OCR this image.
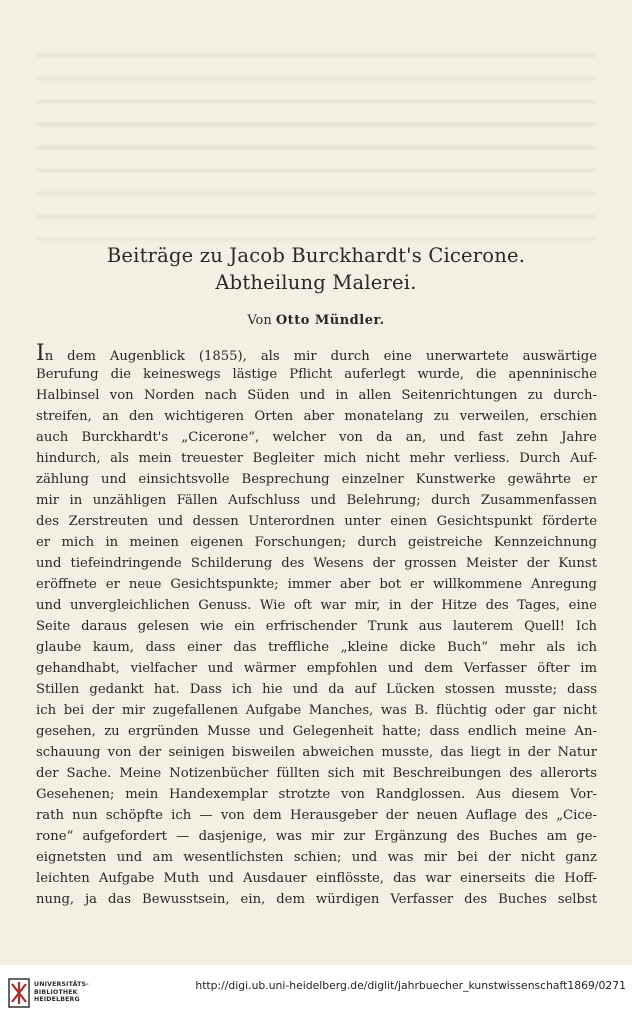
Beiträge zu Jacob Burckhardt's Cicerone.
Abtheilung Malerei.
Von Otto Mündler.
In dem Augenblick (1855), als mir durch eine unerwartete auswärtige
Berufung die keineswegs lästige Pflicht auferlegt wurde, die apenninische
Halbinsel von Norden nach Süden und in allen Seitenrichtungen zu durch-
streifen, an den wichtigeren Orten aber monatelang zu verweilen, erschien
auch Burckhardt's „Cicerone“, welcher von da an, und fast zehn Jahre
hindurch, als mein treuester Begleiter mich nicht mehr verliess. Durch Auf-
zählung und einsichtsvolle Besprechung einzelner Kunstwerke gewährte er
mir in unzähligen Fällen Aufschluss und Belehrung; durch Zusammenfassen
des Zerstreuten und dessen Unterordnen unter einen Gesichtspunkt förderte
er mich in meinen eigenen Forschungen; durch geistreiche Kennzeichnung
und tiefeindringende Schilderung des Wesens der grossen Meister der Kunst
eröffnete er neue Gesichtspunkte; immer aber bot er willkommene Anregung
und unvergleichlichen Genuss. Wie oft war mir, in der Hitze des Tages, eine
Seite daraus gelesen wie ein erfrischender Trunk aus lauterem Quell! Ich
glaube kaum, dass einer das treffliche „kleine dicke Buch“ mehr als ich
gehandhabt, vielfacher und wärmer empfohlen und dem Verfasser öfter im
Stillen gedankt hat. Dass ich hie und da auf Lücken stossen musste; dass
ich bei der mir zugefallenen Aufgabe Manches, was B. flüchtig oder gar nicht
gesehen, zu ergründen Musse und Gelegenheit hatte; dass endlich meine An-
schauung von der seinigen bisweilen abweichen musste, das liegt in der Natur
der Sache. Meine Notizenbücher füllten sich mit Beschreibungen des allerorts
Gesehenen; mein Handexemplar strotzte von Randglossen. Aus diesem Vor-
rath nun schöpfte ich — von dem Herausgeber der neuen Auflage des „Cice-
rone“ aufgefordert — dasjenige, was mir zur Ergänzung des Buches am ge-
eignetsten und am wesentlichsten schien; und was mir bei der nicht ganz
leichten Aufgabe Muth und Ausdauer einflösste, das war einerseits die Hoff-
nung, ja das Bewusstsein, ein, dem würdigen Verfasser des Buches selbst
UNIVERSITÄTS-
BIBLIOTHEK
HEIDELBERG
http://digi.ub.uni-heidelberg.de/diglit/jahrbuecher_kunstwissenschaft1869/0271
